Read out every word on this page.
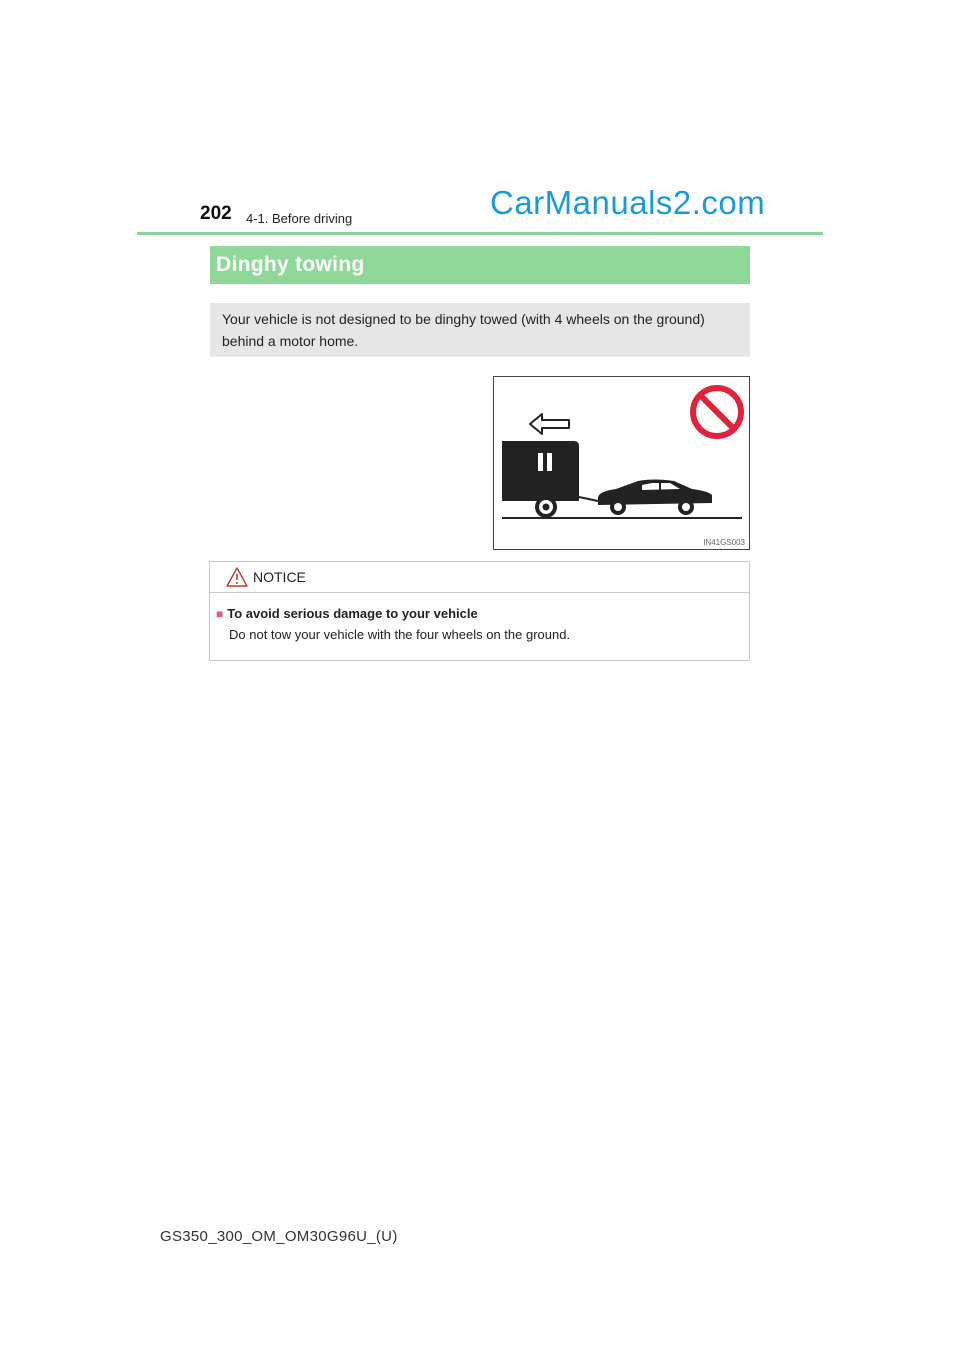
202 4-1. Before driving	CarManuals2.com
Dinghy towing
Your vehicle is not designed to be dinghy towed (with 4 wheels on the ground) behind a motor home.
IN41GS003
NOTICE
■ To avoid serious damage to your vehicle
Do not tow your vehicle with the four wheels on the ground.
GS350_300_OM_OM30G96U_(U)
